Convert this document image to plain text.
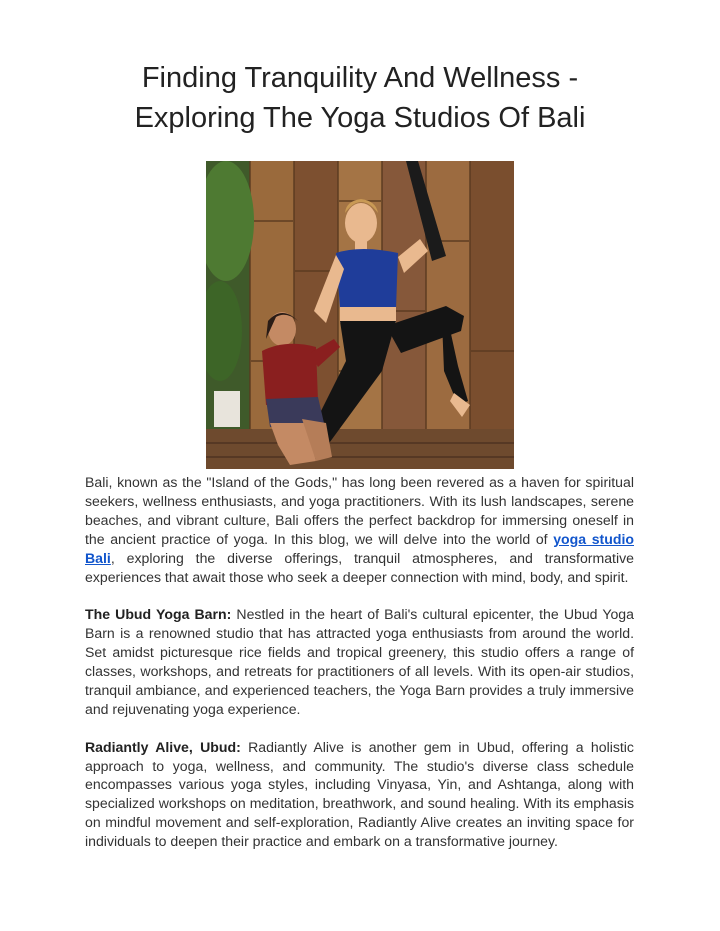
Finding Tranquility And Wellness -
Exploring The Yoga Studios Of Bali

Bali, known as the "Island of the Gods," has long been revered as a haven for spiritual seekers, wellness enthusiasts, and yoga practitioners. With its lush landscapes, serene beaches, and vibrant culture, Bali offers the perfect backdrop for immersing oneself in the ancient practice of yoga. In this blog, we will delve into the world of yoga studio Bali, exploring the diverse offerings, tranquil atmospheres, and transformative experiences that await those who seek a deeper connection with mind, body, and spirit.

The Ubud Yoga Barn: Nestled in the heart of Bali's cultural epicenter, the Ubud Yoga Barn is a renowned studio that has attracted yoga enthusiasts from around the world. Set amidst picturesque rice fields and tropical greenery, this studio offers a range of classes, workshops, and retreats for practitioners of all levels. With its open-air studios, tranquil ambiance, and experienced teachers, the Yoga Barn provides a truly immersive and rejuvenating yoga experience.

Radiantly Alive, Ubud: Radiantly Alive is another gem in Ubud, offering a holistic approach to yoga, wellness, and community. The studio's diverse class schedule encompasses various yoga styles, including Vinyasa, Yin, and Ashtanga, along with specialized workshops on meditation, breathwork, and sound healing. With its emphasis on mindful movement and self-exploration, Radiantly Alive creates an inviting space for individuals to deepen their practice and embark on a transformative journey.
